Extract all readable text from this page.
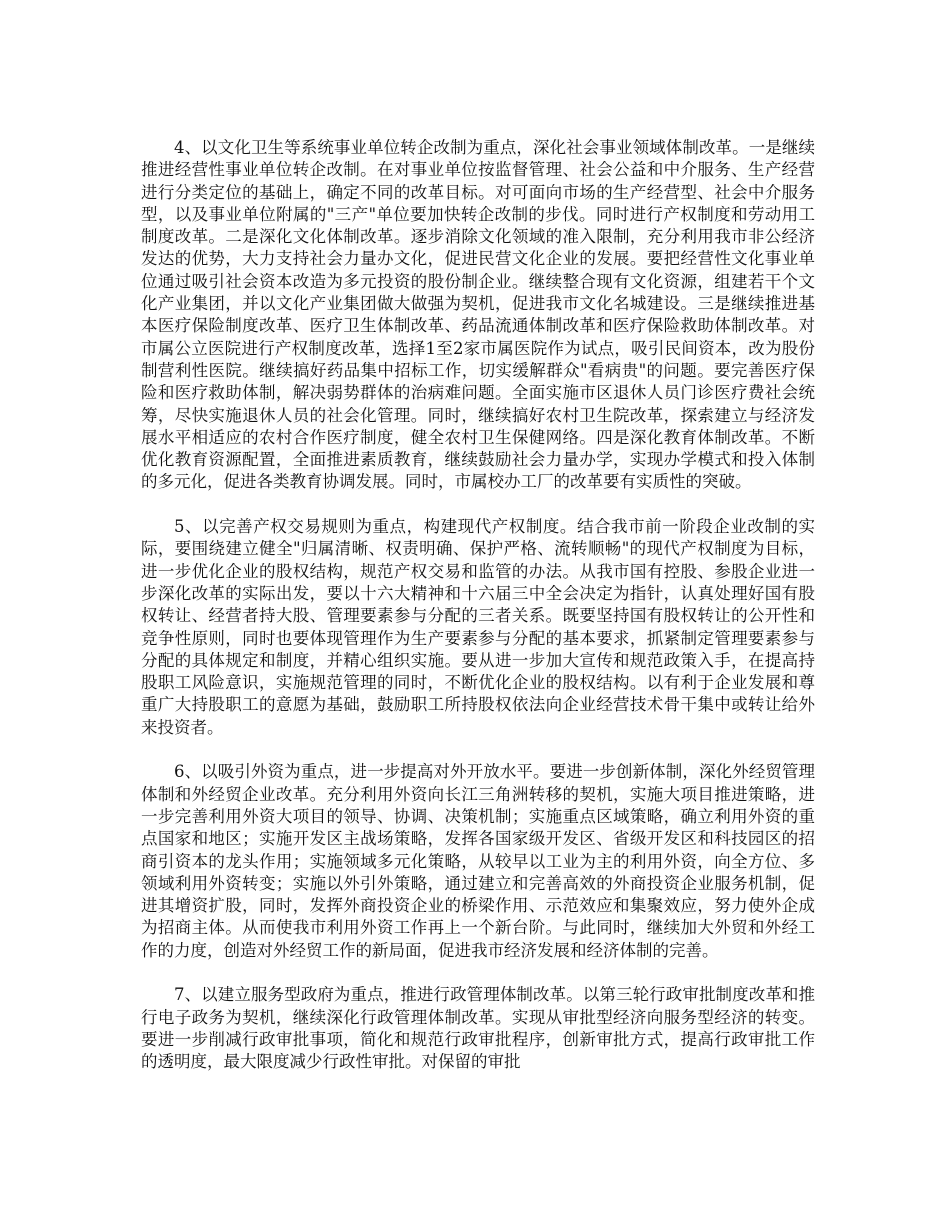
4、以文化卫生等系统事业单位转企改制为重点，深化社会事业领域体制改革。一是继续推进经营性事业单位转企改制。在对事业单位按监督管理、社会公益和中介服务、生产经营进行分类定位的基础上，确定不同的改革目标。对可面向市场的生产经营型、社会中介服务型，以及事业单位附属的"三产"单位要加快转企改制的步伐。同时进行产权制度和劳动用工制度改革。二是深化文化体制改革。逐步消除文化领域的准入限制，充分利用我市非公经济发达的优势，大力支持社会力量办文化，促进民营文化企业的发展。要把经营性文化事业单位通过吸引社会资本改造为多元投资的股份制企业。继续整合现有文化资源，组建若干个文化产业集团，并以文化产业集团做大做强为契机，促进我市文化名城建设。三是继续推进基本医疗保险制度改革、医疗卫生体制改革、药品流通体制改革和医疗保险救助体制改革。对市属公立医院进行产权制度改革，选择1至2家市属医院作为试点，吸引民间资本，改为股份制营利性医院。继续搞好药品集中招标工作，切实缓解群众"看病贵"的问题。要完善医疗保险和医疗救助体制，解决弱势群体的治病难问题。全面实施市区退休人员门诊医疗费社会统筹，尽快实施退休人员的社会化管理。同时，继续搞好农村卫生院改革，探索建立与经济发展水平相适应的农村合作医疗制度，健全农村卫生保健网络。四是深化教育体制改革。不断优化教育资源配置，全面推进素质教育，继续鼓励社会力量办学，实现办学模式和投入体制的多元化，促进各类教育协调发展。同时，市属校办工厂的改革要有实质性的突破。

5、以完善产权交易规则为重点，构建现代产权制度。结合我市前一阶段企业改制的实际，要围绕建立健全"归属清晰、权责明确、保护严格、流转顺畅"的现代产权制度为目标，进一步优化企业的股权结构，规范产权交易和监管的办法。从我市国有控股、参股企业进一步深化改革的实际出发，要以十六大精神和十六届三中全会决定为指针，认真处理好国有股权转让、经营者持大股、管理要素参与分配的三者关系。既要坚持国有股权转让的公开性和竞争性原则，同时也要体现管理作为生产要素参与分配的基本要求，抓紧制定管理要素参与分配的具体规定和制度，并精心组织实施。要从进一步加大宣传和规范政策入手，在提高持股职工风险意识，实施规范管理的同时，不断优化企业的股权结构。以有利于企业发展和尊重广大持股职工的意愿为基础，鼓励职工所持股权依法向企业经营技术骨干集中或转让给外来投资者。

6、以吸引外资为重点，进一步提高对外开放水平。要进一步创新体制，深化外经贸管理体制和外经贸企业改革。充分利用外资向长江三角洲转移的契机，实施大项目推进策略，进一步完善利用外资大项目的领导、协调、决策机制；实施重点区域策略，确立利用外资的重点国家和地区；实施开发区主战场策略，发挥各国家级开发区、省级开发区和科技园区的招商引资本的龙头作用；实施领域多元化策略，从较早以工业为主的利用外资，向全方位、多领域利用外资转变；实施以外引外策略，通过建立和完善高效的外商投资企业服务机制，促进其增资扩股，同时，发挥外商投资企业的桥梁作用、示范效应和集聚效应，努力使外企成为招商主体。从而使我市利用外资工作再上一个新台阶。与此同时，继续加大外贸和外经工作的力度，创造对外经贸工作的新局面，促进我市经济发展和经济体制的完善。

7、以建立服务型政府为重点，推进行政管理体制改革。以第三轮行政审批制度改革和推行电子政务为契机，继续深化行政管理体制改革。实现从审批型经济向服务型经济的转变。要进一步削减行政审批事项，简化和规范行政审批程序，创新审批方式，提高行政审批工作的透明度，最大限度减少行政性审批。对保留的审批
